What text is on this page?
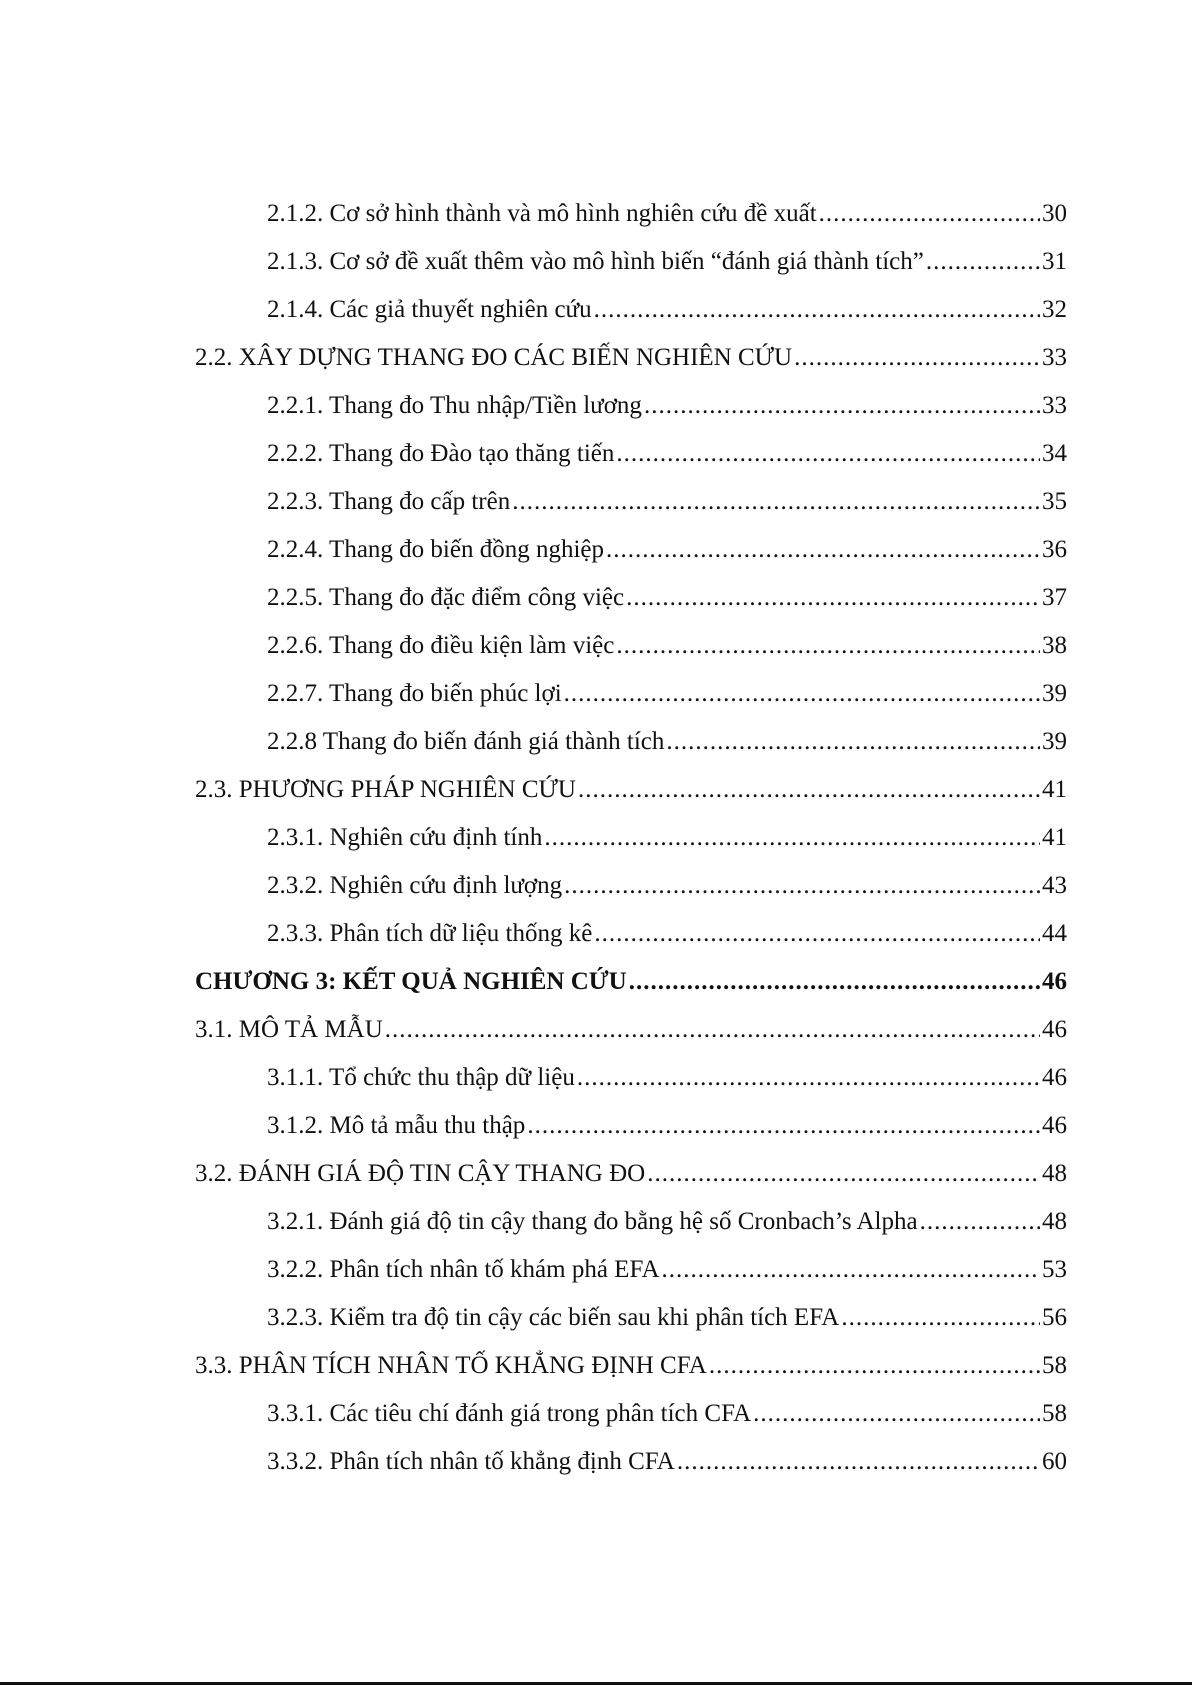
2.1.2. Cơ sở hình thành và mô hình nghiên cứu đề xuất .....	30
2.1.3. Cơ sở đề xuất thêm vào mô hình biến “đánh giá thành tích” .....	31
2.1.4. Các giả thuyết nghiên cứu .....	32
2.2. XÂY DỰNG THANG ĐO CÁC BIẾN NGHIÊN CỨU .....	33
2.2.1. Thang đo Thu nhập/Tiền lương .....	33
2.2.2. Thang đo Đào tạo thăng tiến .....	34
2.2.3. Thang đo cấp trên .....	35
2.2.4. Thang đo biến đồng nghiệp .....	36
2.2.5. Thang đo đặc điểm công việc .....	37
2.2.6. Thang đo điều kiện làm việc .....	38
2.2.7. Thang đo biến phúc lợi .....	39
2.2.8 Thang đo biến đánh giá thành tích .....	39
2.3. PHƯƠNG PHÁP NGHIÊN CỨU .....	41
2.3.1. Nghiên cứu định tính .....	41
2.3.2. Nghiên cứu định lượng .....	43
2.3.3. Phân tích dữ liệu thống kê .....	44
CHƯƠNG 3: KẾT QUẢ NGHIÊN CỨU .....	46
3.1. MÔ TẢ MẪU .....	46
3.1.1. Tổ chức thu thập dữ liệu .....	46
3.1.2. Mô tả mẫu thu thập .....	46
3.2. ĐÁNH GIÁ ĐỘ TIN CẬY THANG ĐO .....	48
3.2.1. Đánh giá độ tin cậy thang đo bằng hệ số Cronbach’s Alpha .....	48
3.2.2. Phân tích nhân tố khám phá EFA .....	53
3.2.3. Kiểm tra độ tin cậy các biến sau khi phân tích EFA .....	56
3.3. PHÂN TÍCH NHÂN TỐ KHẲNG ĐỊNH CFA .....	58
3.3.1. Các tiêu chí đánh giá trong phân tích CFA .....	58
3.3.2. Phân tích nhân tố khẳng định CFA .....	60
